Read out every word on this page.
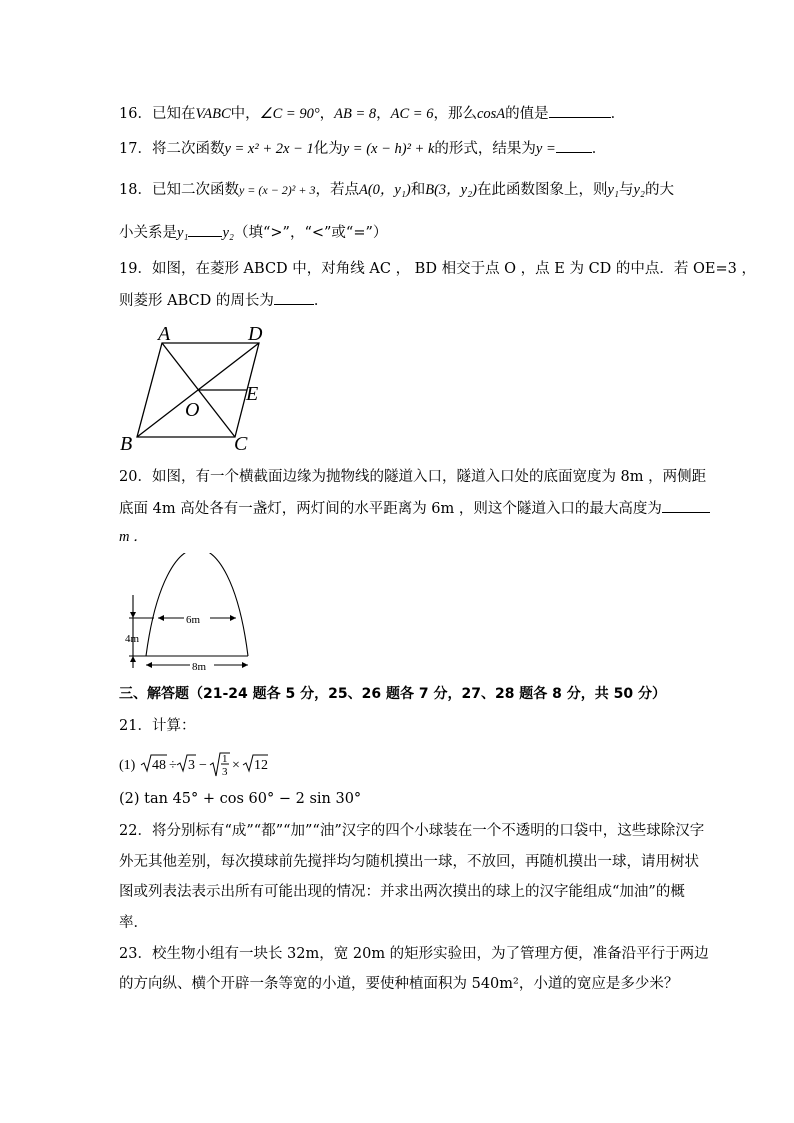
16．已知在VABC中，∠C = 90°，AB = 8，AC = 6，那么cosA的值是	．
17．将二次函数y = x² + 2x − 1化为y = (x − h)² + k的形式，结果为y = ．
18．已知二次函数y = (x − 2)² + 3，若点A(0，y₁)和B(3，y₂)在此函数图象上，则y₁与y₂的大
小关系是y₁ y₂（填“>”，“<”或“=”）
19．如图，在菱形 ABCD 中，对角线 AC ， BD 相交于点 O ，点 E 为 CD 的中点．若 OE=3 ，
则菱形 ABCD 的周长为	．
A	D
E
O
B	C
20．如图，有一个横截面边缘为抛物线的隧道入口，隧道入口处的底面宽度为 8m ，两侧距
底面 4m 高处各有一盏灯，两灯间的水平距离为 6m ，则这个隧道入口的最大高度为
m ．
6m
4m
8m
三、解答题（21-24 题各 5 分，25、26 题各 7 分，27、28 题各 8 分，共 50 分）
21．计算：
(1) 48 ÷ 3 − 1
3 × 12
(2) tan 45° + cos 60° − 2 sin 30°
22．将分别标有“成”“都”“加”“油”汉字的四个小球装在一个不透明的口袋中，这些球除汉字
外无其他差别，每次摸球前先搅拌均匀随机摸出一球，不放回，再随机摸出一球，请用树状
图或列表法表示出所有可能出现的情况：并求出两次摸出的球上的汉字能组成“加油”的概
率．
23．校生物小组有一块长 32m，宽 20m 的矩形实验田，为了管理方便，准备沿平行于两边
的方向纵、横个开辟一条等宽的小道，要使种植面积为 540m²，小道的宽应是多少米？
